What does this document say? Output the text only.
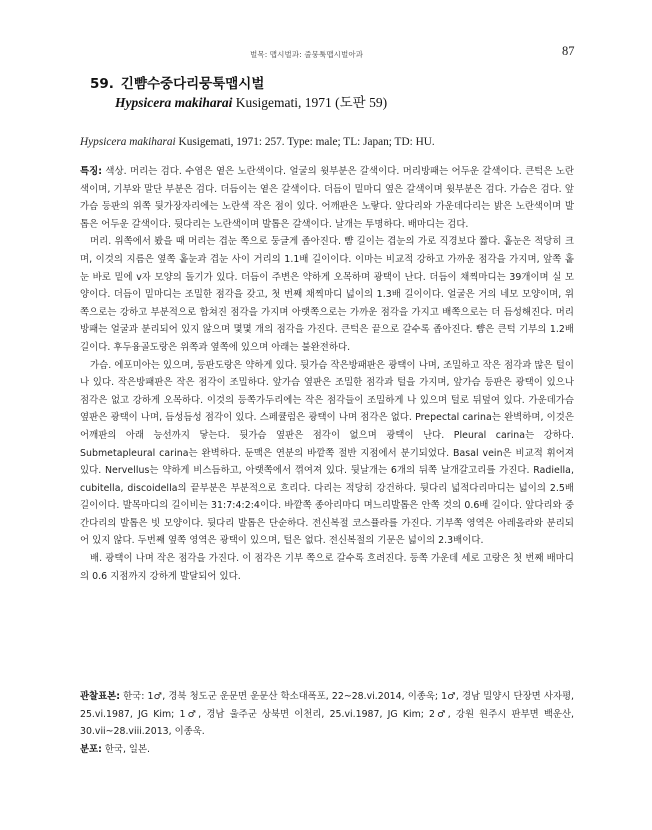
벌목: 맵시벌과: 줄뭉툭맵시벌아과	87
59. 긴뺨수중다리뭉툭맵시벌
Hypsicera makiharai Kusigemati, 1971 (도판 59)
Hypsicera makiharai Kusigemati, 1971: 257. Type: male; TL: Japan; TD: HU.

특징: 색상. 머리는 검다. 수염은 옅은 노란색이다. 얼굴의 윗부분은 갈색이다. 머리방패는 어두운 갈색이다. 큰턱은 노란색이며, 기부와 말단 부분은 검다. 더듬이는 옅은 갈색이다. 더듬이 밑마디 옆은 갈색이며 윗부분은 검다. 가슴은 검다. 앞가슴 등판의 위쪽 뒷가장자리에는 노란색 작은 점이 있다. 어깨판은 노랗다. 앞다리와 가운데다리는 밝은 노란색이며 발톱은 어두운 갈색이다. 뒷다리는 노란색이며 발톱은 갈색이다. 날개는 투명하다. 배마디는 검다.

머리. 위쪽에서 봤을 때 머리는 겹눈 쪽으로 둥글게 좁아진다. 뺨 길이는 겹눈의 가로 직경보다 짧다. 홑눈은 적당히 크며, 이것의 지름은 옆쪽 홑눈과 겹눈 사이 거리의 1.1배 길이이다. 이마는 비교적 강하고 가까운 점각을 가지며, 앞쪽 홑눈 바로 밑에 v자 모양의 돌기가 있다. 더듬이 주변은 약하게 오목하며 광택이 난다. 더듬이 채찍마디는 39개이며 실 모양이다. 더듬이 밑마디는 조밀한 점각을 갖고, 첫 번째 채찍마디 넓이의 1.3배 길이이다. 얼굴은 거의 네모 모양이며, 위쪽으로는 강하고 부분적으로 합쳐진 점각을 가지며 아랫쪽으로는 가까운 점각을 가지고 배쪽으로는 더 듬성해진다. 머리방패는 얼굴과 분리되어 있지 않으며 몇몇 개의 점각을 가진다. 큰턱은 끝으로 갈수록 좁아진다. 뺨은 큰턱 기부의 1.2배 길이다. 후두융골도랑은 위쪽과 옆쪽에 있으며 아래는 불완전하다.

가슴. 에포미아는 있으며, 등판도랑은 약하게 있다. 뒷가슴 작은방패판은 광택이 나며, 조밀하고 작은 점각과 많은 털이 나 있다. 작은방패판은 작은 점각이 조밀하다. 앞가슴 옆판은 조밀한 점각과 털을 가지며, 앞가슴 등판은 광택이 있으나 점각은 없고 강하게 오목하다. 이것의 등쪽가두리에는 작은 점각들이 조밀하게 나 있으며 털로 뒤덮여 있다. 가운데가슴 옆판은 광택이 나며, 듬성듬성 점각이 있다. 스페큘럼은 광택이 나며 점각은 없다. Prepectal carina는 완벽하며, 이것은 어깨판의 아래 능선까지 닿는다. 뒷가슴 옆판은 점각이 없으며 광택이 난다. Pleural carina는 강하다. Submetapleural carina는 완벽하다. 둔맥은 연분의 바깥쪽 절반 지점에서 분기되었다. Basal vein은 비교적 휘어져 있다. Nervellus는 약하게 비스듬하고, 아랫쪽에서 꺾여져 있다. 뒷날개는 6개의 뒤쪽 날개갈고리를 가진다. Radiella, cubitella, discoidella의 끝부분은 부분적으로 흐리다. 다리는 적당히 강건하다. 뒷다리 넓적다리마디는 넓이의 2.5배 길이이다. 발목마디의 길이비는 31:7:4:2:4이다. 바깥쪽 종아리마디 며느리발톱은 안쪽 것의 0.6배 길이다. 앞다리와 중간다리의 발톱은 빗 모양이다. 뒷다리 발톱은 단순하다. 전신복절 코스퓰라를 가진다. 기부쪽 영역은 아레올라와 분리되어 있지 않다. 두번째 옆쪽 영역은 광택이 있으며, 털은 없다. 전신복절의 기문은 넓이의 2.3배이다.

배. 광택이 나며 작은 점각을 가진다. 이 점각은 기부 쪽으로 갈수록 흐려진다. 등쪽 가운데 세로 고랑은 첫 번째 배마디의 0.6 지점까지 강하게 발달되어 있다.

관찰표본: 한국: 1♂, 경북 청도군 운문면 운문산 학소대폭포, 22~28.vi.2014, 이종욱; 1♂, 경남 밀양시 단장면 사자평, 25.vi.1987, JG Kim; 1♂, 경남 울주군 상북면 이천리, 25.vi.1987, JG Kim; 2♂, 강원 원주시 판부면 백운산, 30.vii~28.viii.2013, 이종욱.

분포: 한국, 일본.
